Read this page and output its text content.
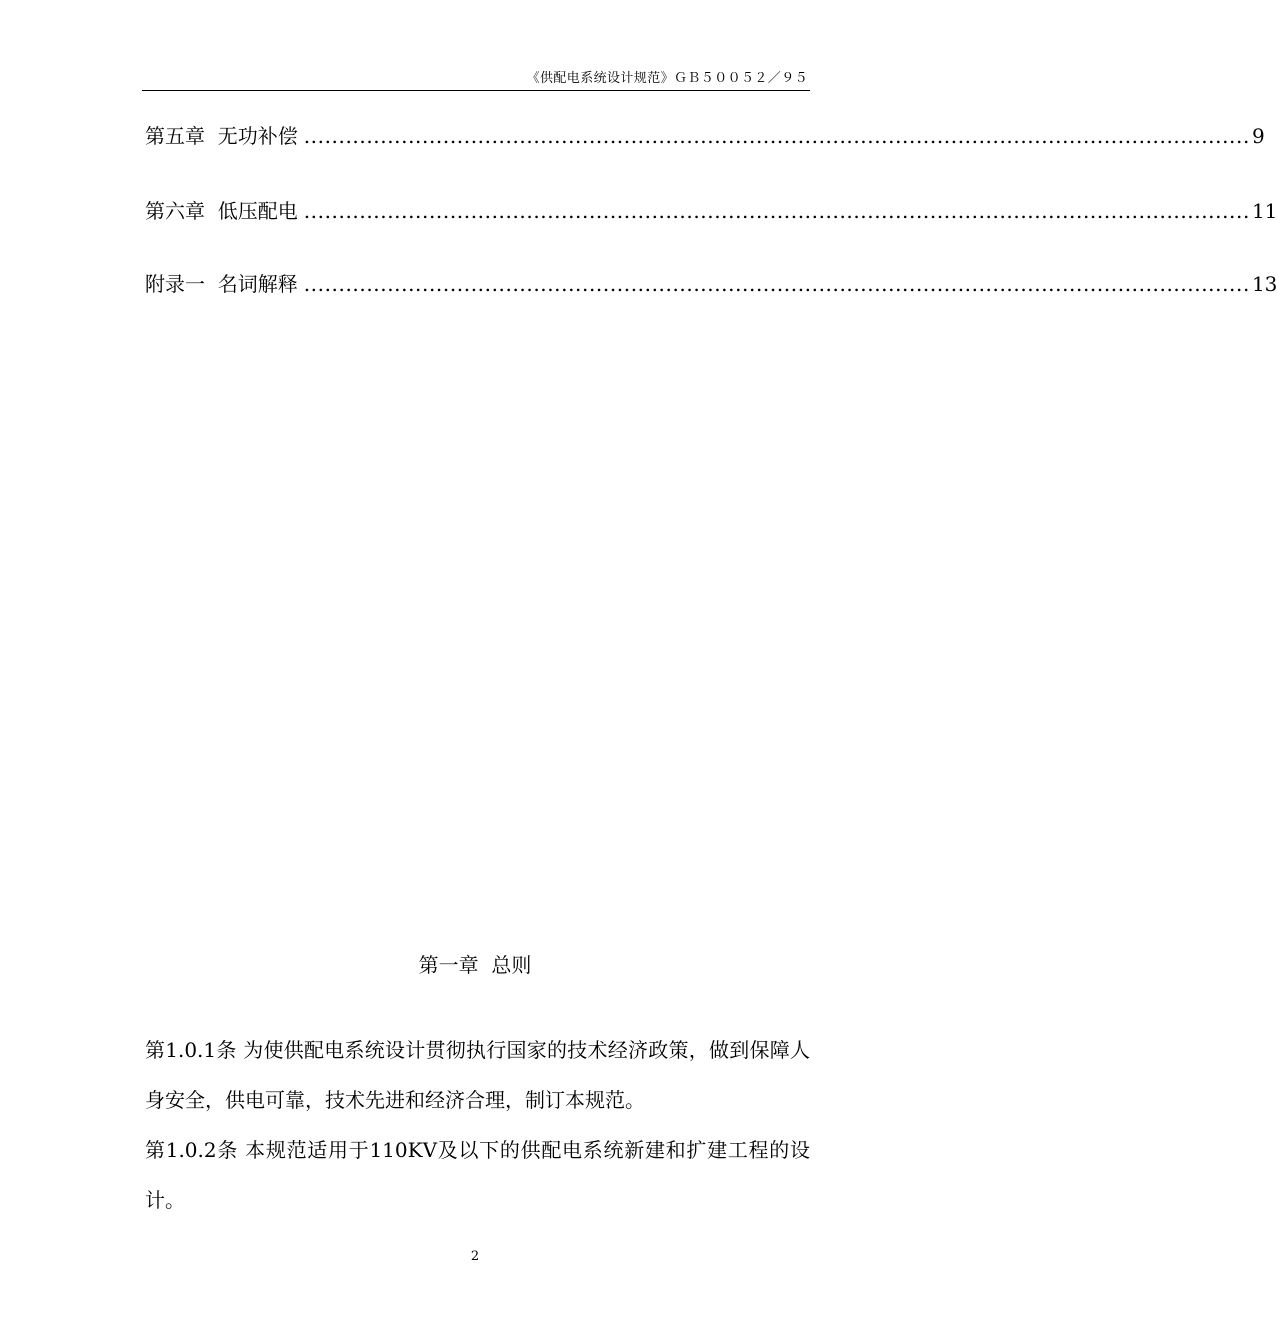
《供配电系统设计规范》ＧＢ５００５２／９５
第五章  无功补偿 ........................................................................................................................................ 9
第六章  低压配电 ........................................................................................................................................ 11
附录一  名词解释 ........................................................................................................................................ 13
第一章  总则

第1.0.1条 为使供配电系统设计贯彻执行国家的技术经济政策，做到保障人身安全，供电可靠，技术先进和经济合理，制订本规范。

第1.0.2条 本规范适用于110KV及以下的供配电系统新建和扩建工程的设计。

2
